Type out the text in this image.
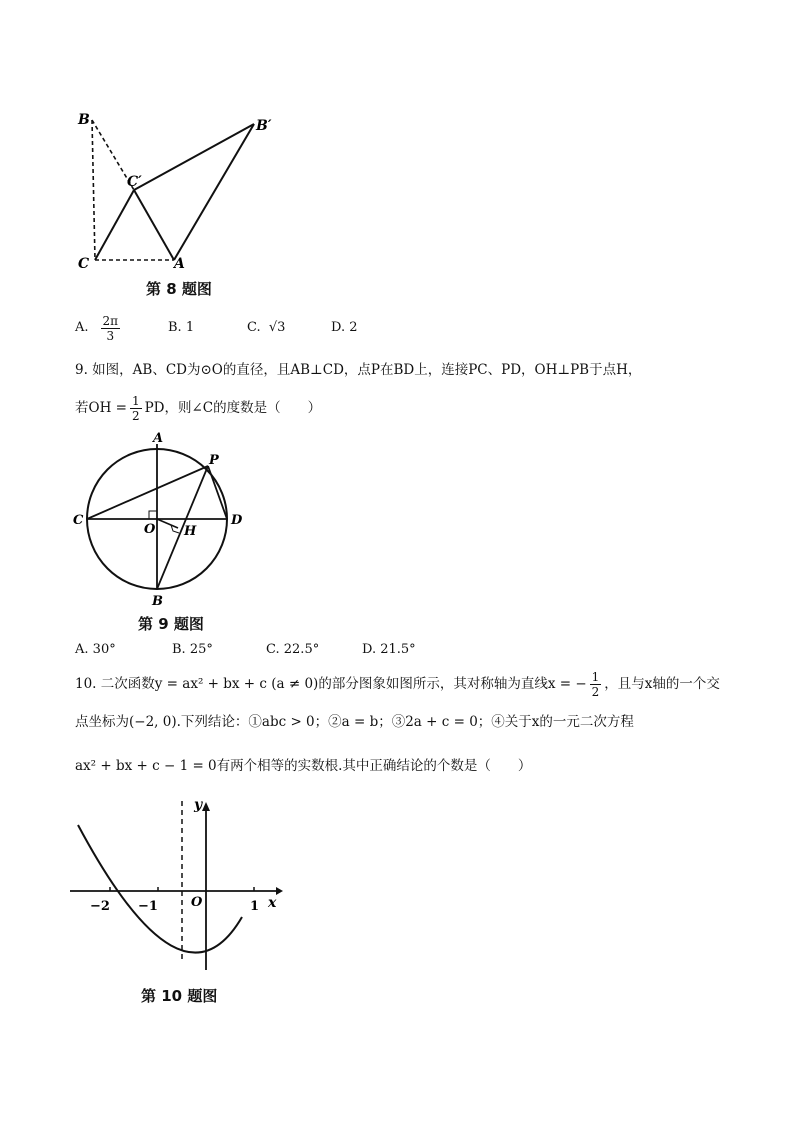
B	B′
C′
C	A
第 8 题图
A. $\frac{2\pi}{3}$	B. 1	C. √3	D. 2
9. 如图，AB、CD为⊙O的直径，且AB⊥CD，点P在BD上，连接PC、PD，OH⊥PB于点H，
若OH = $\frac{1}{2}$ PD，则∠C的度数是（　　）
A
P
C	D
O H
B
第 9 题图
A. 30°	B. 25°	C. 22.5°	D. 21.5°
10. 二次函数y = ax² + bx + c (a ≠ 0)的部分图象如图所示，其对称轴为直线x = − $\frac{1}{2}$ ，且与x轴的一个交
点坐标为(−2, 0).下列结论：①abc > 0；②a = b；③2a + c = 0；④关于x的一元二次方程
ax² + bx + c − 1 = 0有两个相等的实数根.其中正确结论的个数是（　　）
y
x
O
−2 −1	1
第 10 题图
